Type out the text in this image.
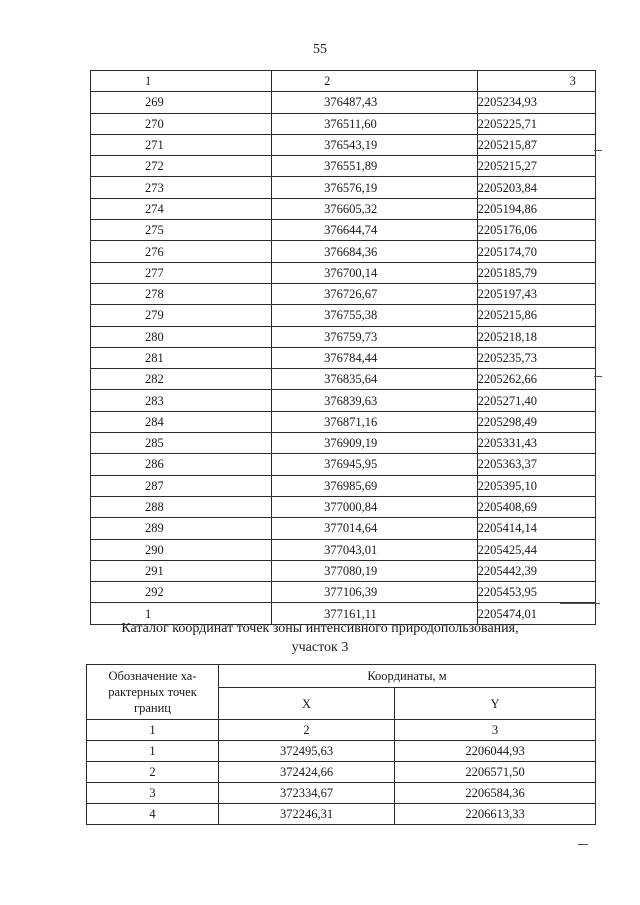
55
1	2	3
269	376487,43	2205234,93
270	376511,60	2205225,71
271	376543,19	2205215,87
272	376551,89	2205215,27
273	376576,19	2205203,84
274	376605,32	2205194,86
275	376644,74	2205176,06
276	376684,36	2205174,70
277	376700,14	2205185,79
278	376726,67	2205197,43
279	376755,38	2205215,86
280	376759,73	2205218,18
281	376784,44	2205235,73
282	376835,64	2205262,66
283	376839,63	2205271,40
284	376871,16	2205298,49
285	376909,19	2205331,43
286	376945,95	2205363,37
287	376985,69	2205395,10
288	377000,84	2205408,69
289	377014,64	2205414,14
290	377043,01	2205425,44
291	377080,19	2205442,39
292	377106,39	2205453,95
1	377161,11	2205474,01
Каталог координат точек зоны интенсивного природопользования,
участок 3
Обозначение ха-
рактерных точек
границ	Координаты, м	
	X	Y
1	2	3
1	372495,63	2206044,93
2	372424,66	2206571,50
3	372334,67	2206584,36
4	372246,31	2206613,33
